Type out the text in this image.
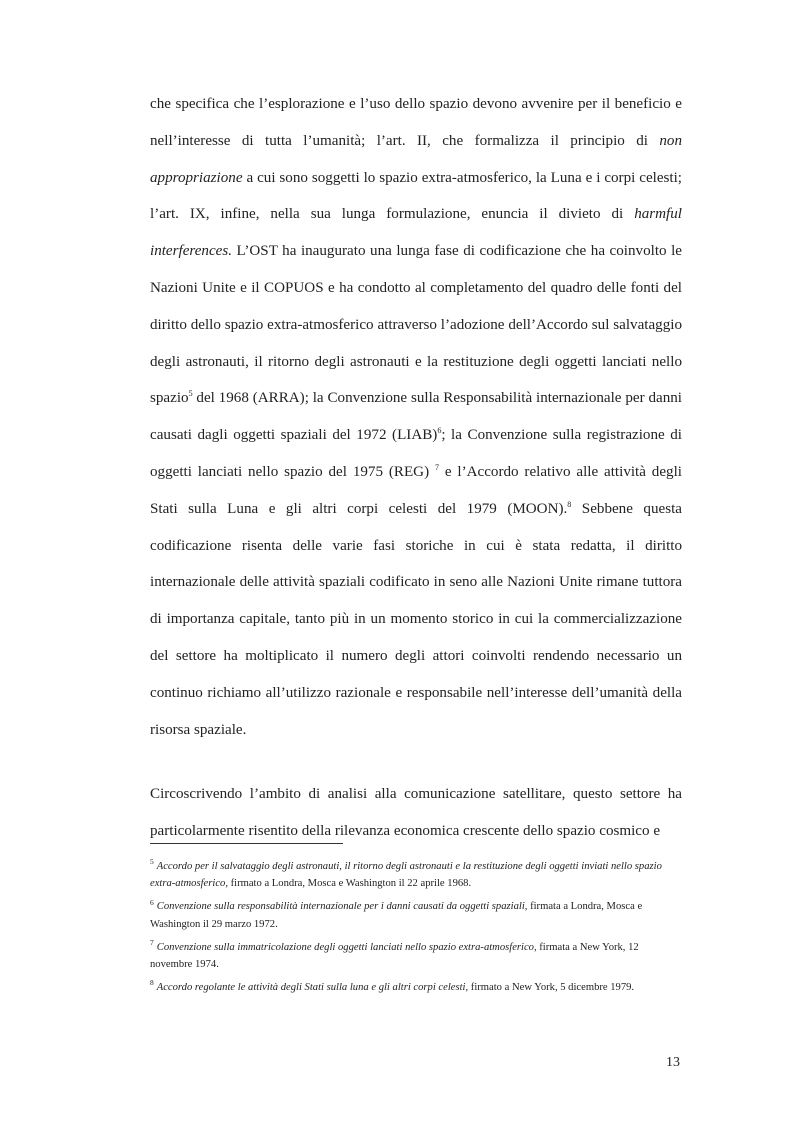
che specifica che l’esplorazione e l’uso dello spazio devono avvenire per il beneficio e nell’interesse di tutta l’umanità; l’art. II, che formalizza il principio di non appropriazione a cui sono soggetti lo spazio extra-atmosferico, la Luna e i corpi celesti; l’art. IX, infine, nella sua lunga formulazione, enuncia il divieto di harmful interferences. L’OST ha inaugurato una lunga fase di codificazione che ha coinvolto le Nazioni Unite e il COPUOS e ha condotto al completamento del quadro delle fonti del diritto dello spazio extra-atmosferico attraverso l’adozione dell’Accordo sul salvataggio degli astronauti, il ritorno degli astronauti e la restituzione degli oggetti lanciati nello spazio$^5$ del 1968 (ARRA); la Convenzione sulla Responsabilità internazionale per danni causati dagli oggetti spaziali del 1972 (LIAB)$^6$; la Convenzione sulla registrazione di oggetti lanciati nello spazio del 1975 (REG) $^7$ e l’Accordo relativo alle attività degli Stati sulla Luna e gli altri corpi celesti del 1979 (MOON).$^8$ Sebbene questa codificazione risenta delle varie fasi storiche in cui è stata redatta, il diritto internazionale delle attività spaziali codificato in seno alle Nazioni Unite rimane tuttora di importanza capitale, tanto più in un momento storico in cui la commercializzazione del settore ha moltiplicato il numero degli attori coinvolti rendendo necessario un continuo richiamo all’utilizzo razionale e responsabile nell’interesse dell’umanità della risorsa spaziale.

Circoscrivendo l’ambito di analisi alla comunicazione satellitare, questo settore ha particolarmente risentito della rilevanza economica crescente dello spazio cosmico e

$^5$ Accordo per il salvataggio degli astronauti, il ritorno degli astronauti e la restituzione degli oggetti inviati nello spazio extra-atmosferico, firmato a Londra, Mosca e Washington il 22 aprile 1968.

$^6$ Convenzione sulla responsabilità internazionale per i danni causati da oggetti spaziali, firmata a Londra, Mosca e Washington il 29 marzo 1972.

$^7$ Convenzione sulla immatricolazione degli oggetti lanciati nello spazio extra-atmosferico, firmata a New York, 12 novembre 1974.

$^8$ Accordo regolante le attività degli Stati sulla luna e gli altri corpi celesti, firmato a New York, 5 dicembre 1979.

13
